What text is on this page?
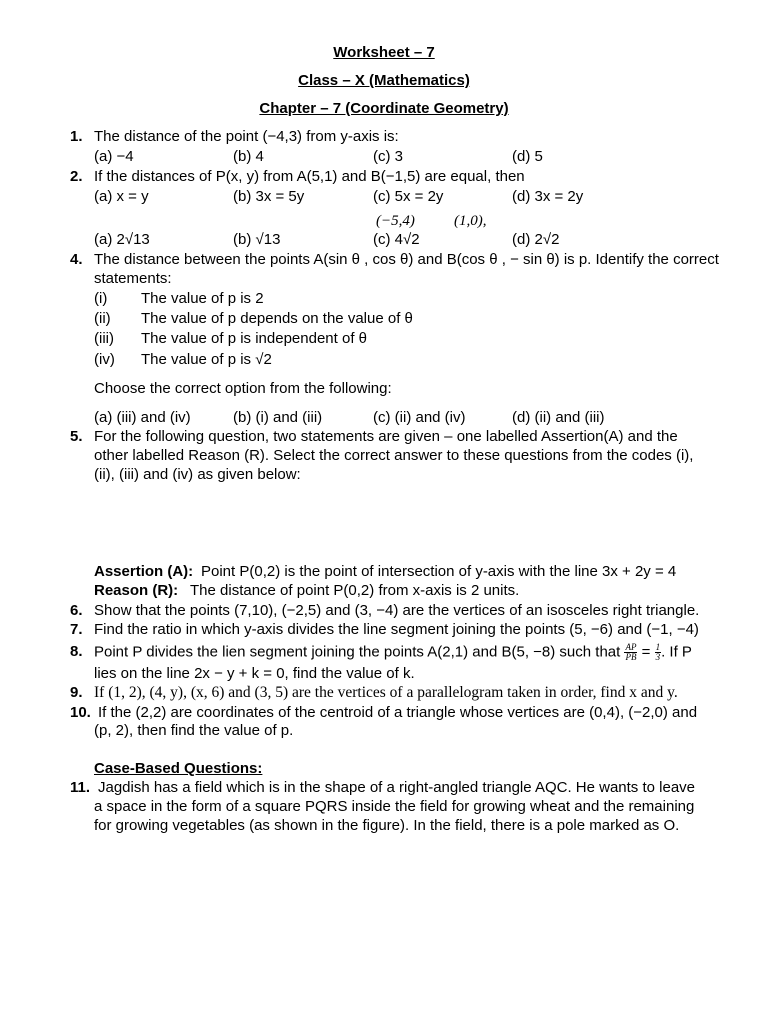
Worksheet – 7
Class – X (Mathematics)
Chapter – 7 (Coordinate Geometry)
1. The distance of the point (−4,3) from y-axis is:
(a) −4	(b) 4	(c) 3	(d) 5
2. If the distances of P(x, y) from A(5,1) and B(−1,5) are equal, then
(a) x = y	(b) 3x = 5y	(c) 5x = 2y	(d) 3x = 2y
(−5,4)	(1,0),
(a) 2√13	(b) √13	(c) 4√2	(d) 2√2
4. The distance between the points A(sin θ , cos θ) and B(cos θ , − sin θ) is p. Identify the correct
statements:
(i) The value of p is 2
(ii) The value of p depends on the value of θ
(iii) The value of p is independent of θ
(iv) The value of p is √2
Choose the correct option from the following:
(a) (iii) and (iv)	(b) (i) and (iii)	(c) (ii) and (iv)	(d) (ii) and (iii)
5. For the following question, two statements are given – one labelled Assertion(A) and the
other labelled Reason (R). Select the correct answer to these questions from the codes (i),
(ii), (iii) and (iv) as given below:
Assertion (A): Point P(0,2) is the point of intersection of y-axis with the line 3x + 2y = 4
Reason (R): The distance of point P(0,2) from x-axis is 2 units.
6. Show that the points (7,10), (−2,5) and (3, −4) are the vertices of an isosceles right triangle.
7. Find the ratio in which y-axis divides the line segment joining the points (5, −6) and (−1, −4)
8. Point P divides the lien segment joining the points A(2,1) and B(5, −8) such that $\frac{AP}{PB} = \frac{1}{3}$ . If P
lies on the line 2x − y + k = 0, find the value of k.
9. If (1, 2), (4, y), (x, 6) and (3, 5) are the vertices of a parallelogram taken in order, find x and y.
10. If the (2,2) are coordinates of the centroid of a triangle whose vertices are (0,4), (−2,0) and
(p, 2), then find the value of p.
Case-Based Questions:
11. Jagdish has a field which is in the shape of a right-angled triangle AQC. He wants to leave
a space in the form of a square PQRS inside the field for growing wheat and the remaining
for growing vegetables (as shown in the figure). In the field, there is a pole marked as O.
